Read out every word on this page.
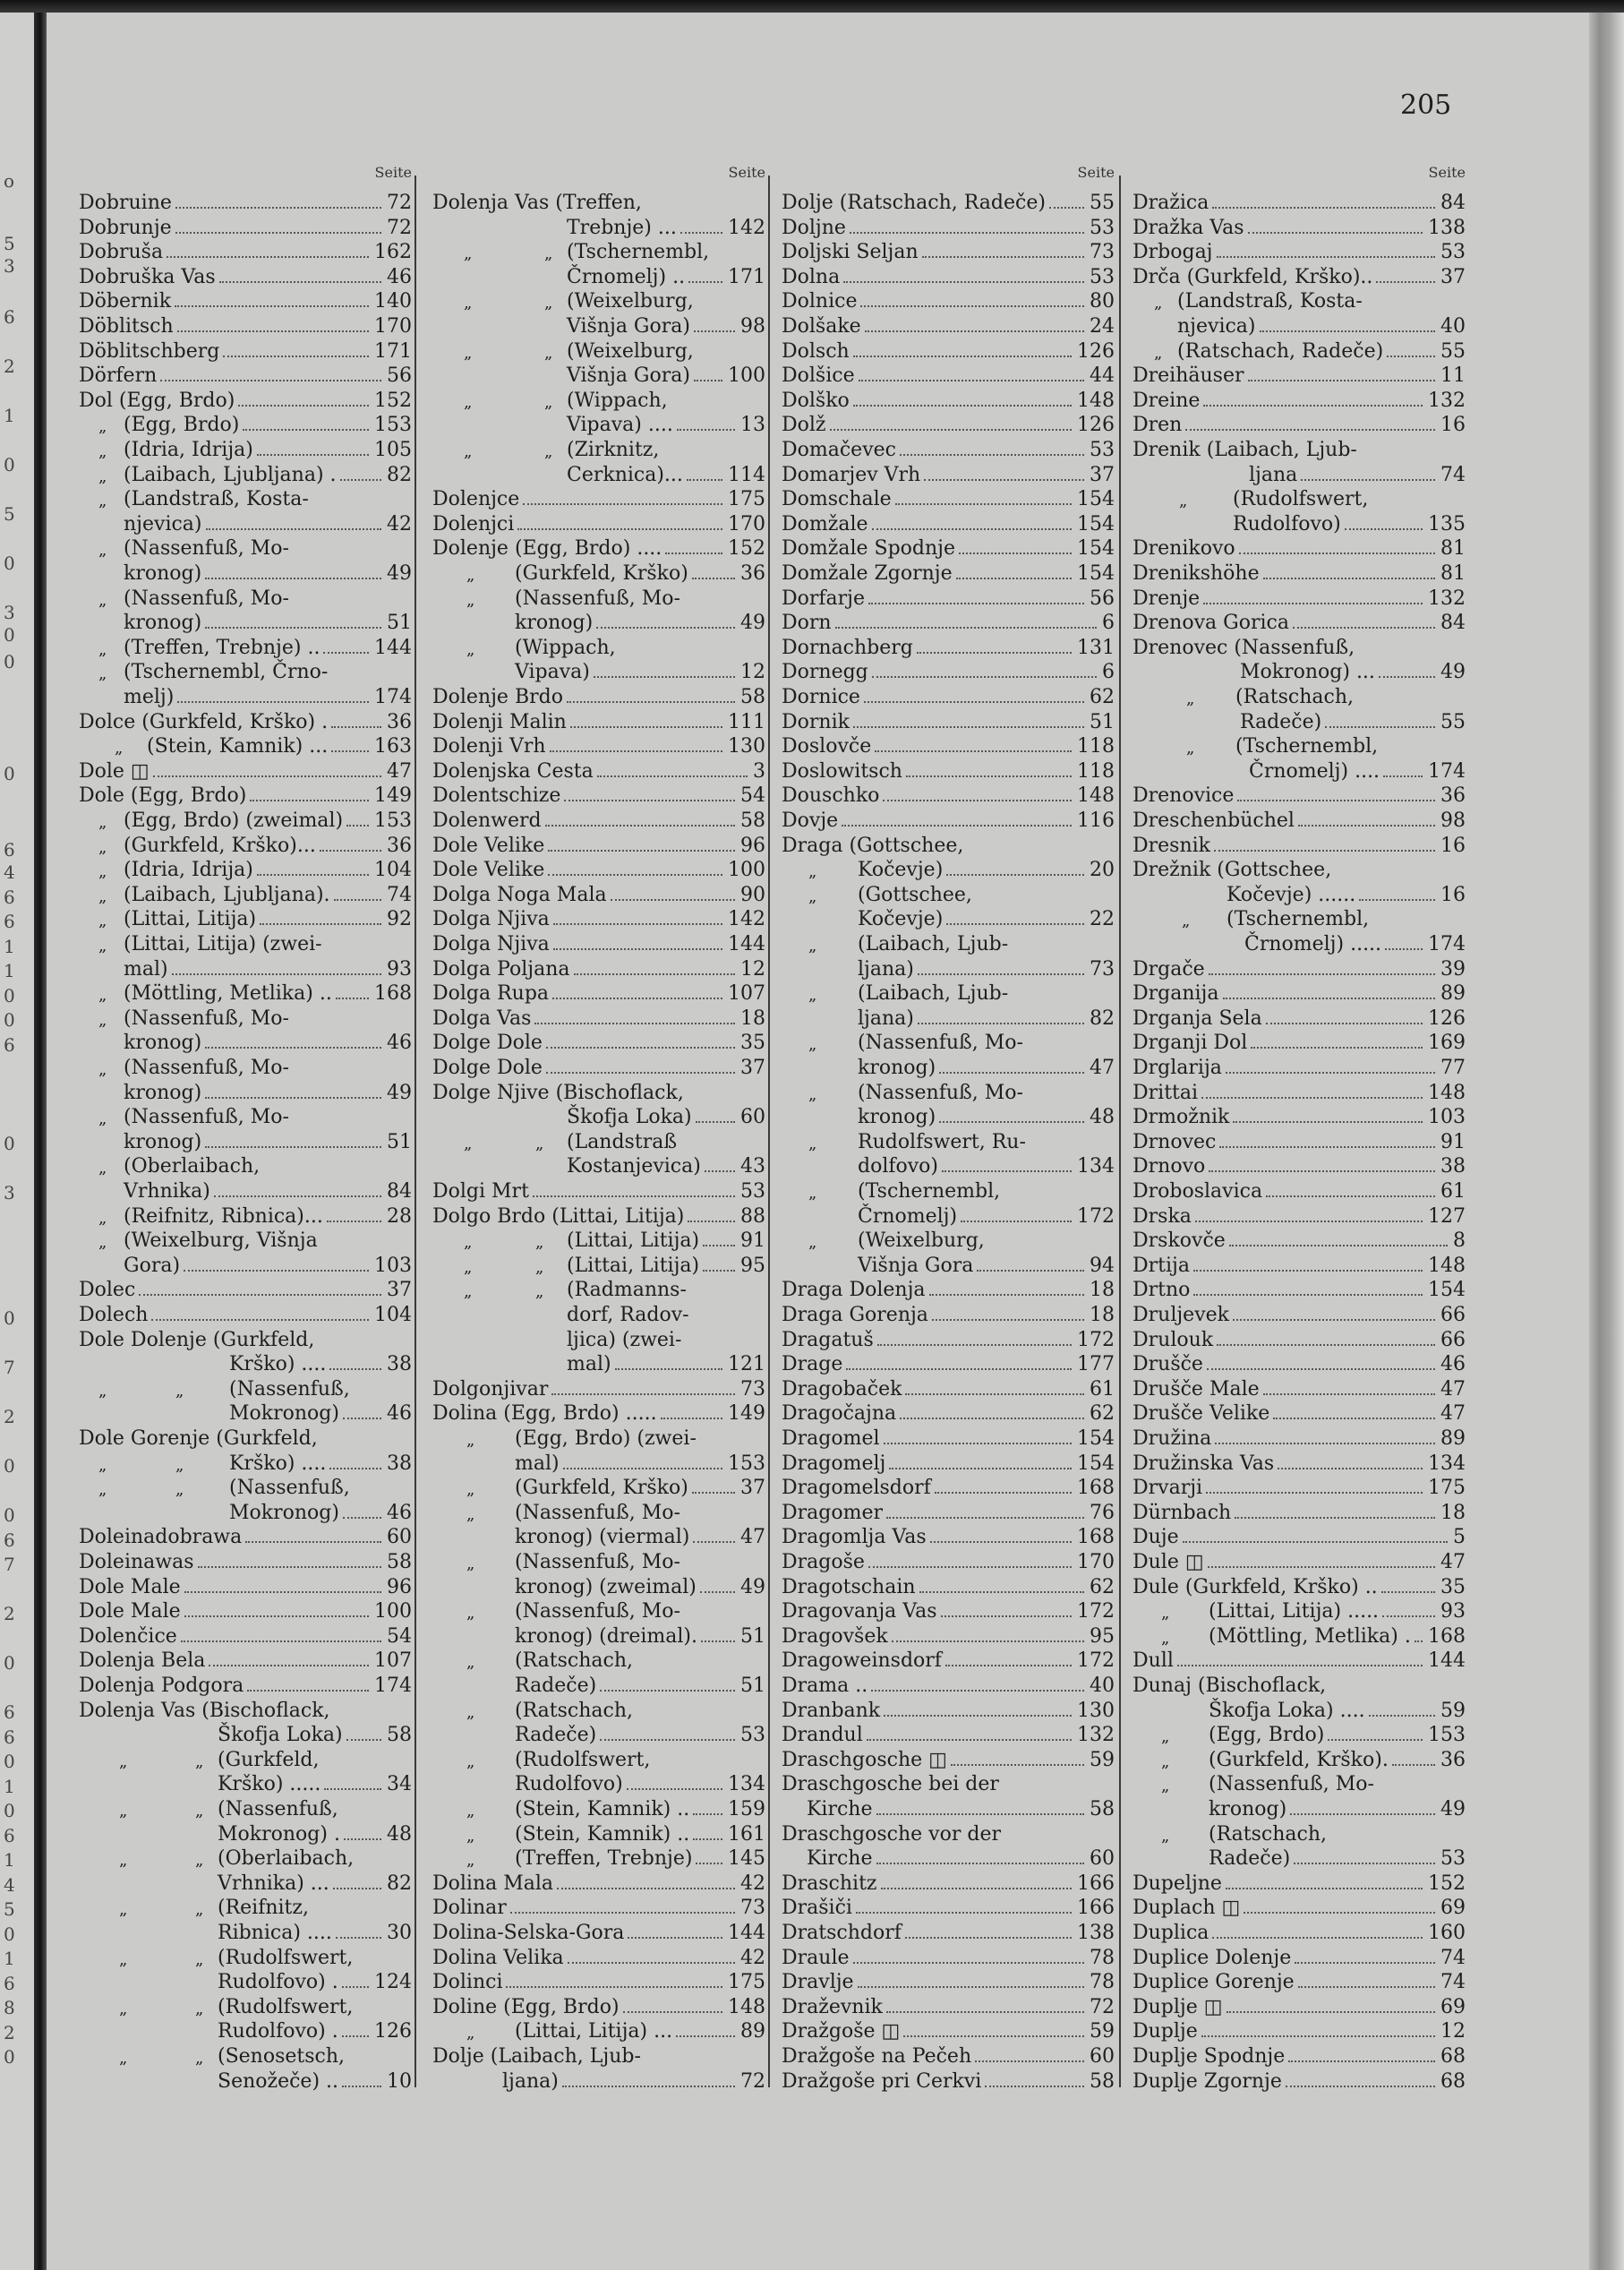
o
5
3
6
2
1
0
5
0
3
0
0
0
6
4
6
6
1
1
0
0
6
0
3
0
7
2
0
0
6
7
2
0
6
6
0
1
0
6
1
4
5
0
1
6
8
2
0
205
Seite
Dobruine	72
Dobrunje	72
Dobruša	162
Dobruška Vas	46
Döbernik	140
Döblitsch	170
Döblitschberg	171
Dörfern	56
Dol (Egg, Brdo)	152
„ (Egg, Brdo)	153
„ (Idria, Idrija)	105
„ (Laibach, Ljubljana) .	82
„ (Landstraß, Kosta-
njevica)	42
„ (Nassenfuß, Mo-
kronog)	49
„ (Nassenfuß, Mo-
kronog)	51
„ (Treffen, Trebnje) ..	144
„ (Tschernembl, Črno-
melj)	174
Dolce (Gurkfeld, Krško) .	36
„ (Stein, Kamnik) ... 163
Dole ◫	47
Dole (Egg, Brdo)	149
„ (Egg, Brdo) (zweimal) 153
„ (Gurkfeld, Krško)...	36
„ (Idria, Idrija)	104
„ (Laibach, Ljubljana).	74
„ (Littai, Litija)	92
„ (Littai, Litija) (zwei-
mal)	93
„ (Möttling, Metlika) .. 168
„ (Nassenfuß, Mo-
kronog)	46
„ (Nassenfuß, Mo-
kronog)	49
„ (Nassenfuß, Mo-
kronog)	51
„ (Oberlaibach,
Vrhnika)	84
„ (Reifnitz, Ribnica)...	28
„ (Weixelburg, Višnja
Gora)	103
Dolec	37
Dolech	104
Dole Dolenje (Gurkfeld,
Krško) ....	38
„	„ (Nassenfuß,
Mokronog) 46
Dole Gorenje (Gurkfeld,
„	„ Krško) ....	38
„	„ (Nassenfuß,
Mokronog) 46
Doleinadobrawa	60
Doleinawas	58
Dole Male	96
Dole Male	100
Dolenčice	54
Dolenja Bela	107
Dolenja Podgora	174
Dolenja Vas (Bischoflack,
Škofja Loka) 58
„	„ (Gurkfeld,
Krško) .....	34
„	„ (Nassenfuß,
Mokronog) . 48
„	„ (Oberlaibach,
Vrhnika) ...	82
„	„ (Reifnitz,
Ribnica) ....	30
„	„ (Rudolfswert,
Rudolfovo) . 124
„	„ (Rudolfswert,
Rudolfovo) . 126
„	„ (Senosetsch,
Senožeče) .. 10
Seite
Dolenja Vas (Treffen,
Trebnje) ...	142
„	„ (Tschernembl,
Črnomelj) .. 171
„	„ (Weixelburg,
Višnja Gora)	98
„	„ (Weixelburg,
Višnja Gora) 100
„	„ (Wippach,
Vipava) ....	13
„	„ (Zirknitz,
Cerknica)... 114
Dolenjce	175
Dolenjci	170
Dolenje (Egg, Brdo) ....	152
„ (Gurkfeld, Krško)	36
„ (Nassenfuß, Mo-
kronog)	49
„ (Wippach,
Vipava)	12
Dolenje Brdo	58
Dolenji Malin	111
Dolenji Vrh	130
Dolenjska Cesta	3
Dolentschize	54
Dolenwerd	58
Dole Velike	96
Dole Velike	100
Dolga Noga Mala	90
Dolga Njiva	142
Dolga Njiva	144
Dolga Poljana	12
Dolga Rupa	107
Dolga Vas	18
Dolge Dole	35
Dolge Dole	37
Dolge Njive (Bischoflack,
Škofja Loka) 60
„	„ (Landstraß
Kostanjevica) 43
Dolgi Mrt	53
Dolgo Brdo (Littai, Litija)	88
„	„ (Littai, Litija) 91
„	„ (Littai, Litija) 95
„	„ (Radmanns-
dorf, Radov-
ljica) (zwei-
mal)	121
Dolgonjivar	73
Dolina (Egg, Brdo) .....	149
„ (Egg, Brdo) (zwei-
mal)	153
„ (Gurkfeld, Krško)	37
„ (Nassenfuß, Mo-
kronog) (viermal)	47
„ (Nassenfuß, Mo-
kronog) (zweimal) 49
„ (Nassenfuß, Mo-
kronog) (dreimal). 51
„ (Ratschach,
Radeče)	51
„ (Ratschach,
Radeče)	53
„ (Rudolfswert,
Rudolfovo)	134
„ (Stein, Kamnik) .. 159
„ (Stein, Kamnik) .. 161
„ (Treffen, Trebnje) 145
Dolina Mala	42
Dolinar	73
Dolina-Selska-Gora	144
Dolina Velika	42
Dolinci	175
Doline (Egg, Brdo)	148
„ (Littai, Litija) ...	89
Dolje (Laibach, Ljub-
ljana)	72
Seite
Dolje (Ratschach, Radeče) 55
Doljne	53
Doljski Seljan	73
Dolna	53
Dolnice	80
Dolšake	24
Dolsch	126
Dolšice	44
Dolško	148
Dolž	126
Domačevec	53
Domarjev Vrh	37
Domschale	154
Domžale	154
Domžale Spodnje	154
Domžale Zgornje	154
Dorfarje	56
Dorn	6
Dornachberg	131
Dornegg	6
Dornice	62
Dornik	51
Doslovče	118
Doslowitsch	118
Douschko	148
Dovje	116
Draga (Gottschee,
„ Kočevje)	20
„ (Gottschee,
Kočevje)	22
„ (Laibach, Ljub-
ljana)	73
„ (Laibach, Ljub-
ljana)	82
„ (Nassenfuß, Mo-
kronog)	47
„ (Nassenfuß, Mo-
kronog)	48
„ Rudolfswert, Ru-
dolfovo)	134
„ (Tschernembl,
Črnomelj)	172
„ (Weixelburg,
Višnja Gora	94
Draga Dolenja	18
Draga Gorenja	18
Dragatuš	172
Drage	177
Dragobaček	61
Dragočajna	62
Dragomel	154
Dragomelj	154
Dragomelsdorf	168
Dragomer	76
Dragomlja Vas	168
Dragoše	170
Dragotschain	62
Dragovanja Vas	172
Dragovšek	95
Dragoweinsdorf	172
Drama ..	40
Dranbank	130
Drandul	132
Draschgosche ◫	59
Draschgosche bei der
Kirche	58
Draschgosche vor der
Kirche	60
Draschitz	166
Drašiči	166
Dratschdorf	138
Draule	78
Dravlje	78
Draževnik	72
Dražgoše ◫	59
Dražgoše na Pečeh	60
Dražgoše pri Cerkvi	58
Seite
Dražica	84
Dražka Vas	138
Drbogaj	53
Drča (Gurkfeld, Krško)..	37
„ (Landstraß, Kosta-
njevica)	40
„ (Ratschach, Radeče)	55
Dreihäuser	11
Dreine	132
Dren	16
Drenik (Laibach, Ljub-
ljana	74
„ (Rudolfswert,
Rudolfovo)	135
Drenikovo	81
Drenikshöhe	81
Drenje	132
Drenova Gorica	84
Drenovec (Nassenfuß,
Mokronog) ...	49
„ (Ratschach,
Radeče)	55
„ (Tschernembl,
Črnomelj) .... 174
Drenovice	36
Dreschenbüchel	98
Dresnik	16
Drežnik (Gottschee,
Kočevje) ......	16
„ (Tschernembl,
Črnomelj) ..... 174
Drgače	39
Drganija	89
Drganja Sela	126
Drganji Dol	169
Drglarija	77
Drittai	148
Drmožnik	103
Drnovec	91
Drnovo	38
Droboslavica	61
Drska	127
Drskovče	8
Drtija	148
Drtno	154
Druljevek	66
Drulouk	66
Drušče	46
Drušče Male	47
Drušče Velike	47
Družina	89
Družinska Vas	134
Drvarji	175
Dürnbach	18
Duje	5
Dule ◫	47
Dule (Gurkfeld, Krško) ..	35
„ (Littai, Litija) .....	93
„ (Möttling, Metlika) . 168
Dull	144
Dunaj (Bischoflack,
Škofja Loka) ....	59
„ (Egg, Brdo)	153
„ (Gurkfeld, Krško).	36
„ (Nassenfuß, Mo-
kronog)	49
„ (Ratschach,
Radeče)	53
Dupeljne	152
Duplach ◫	69
Duplica	160
Duplice Dolenje	74
Duplice Gorenje	74
Duplje ◫	69
Duplje	12
Duplje Spodnje	68
Duplje Zgornje	68
